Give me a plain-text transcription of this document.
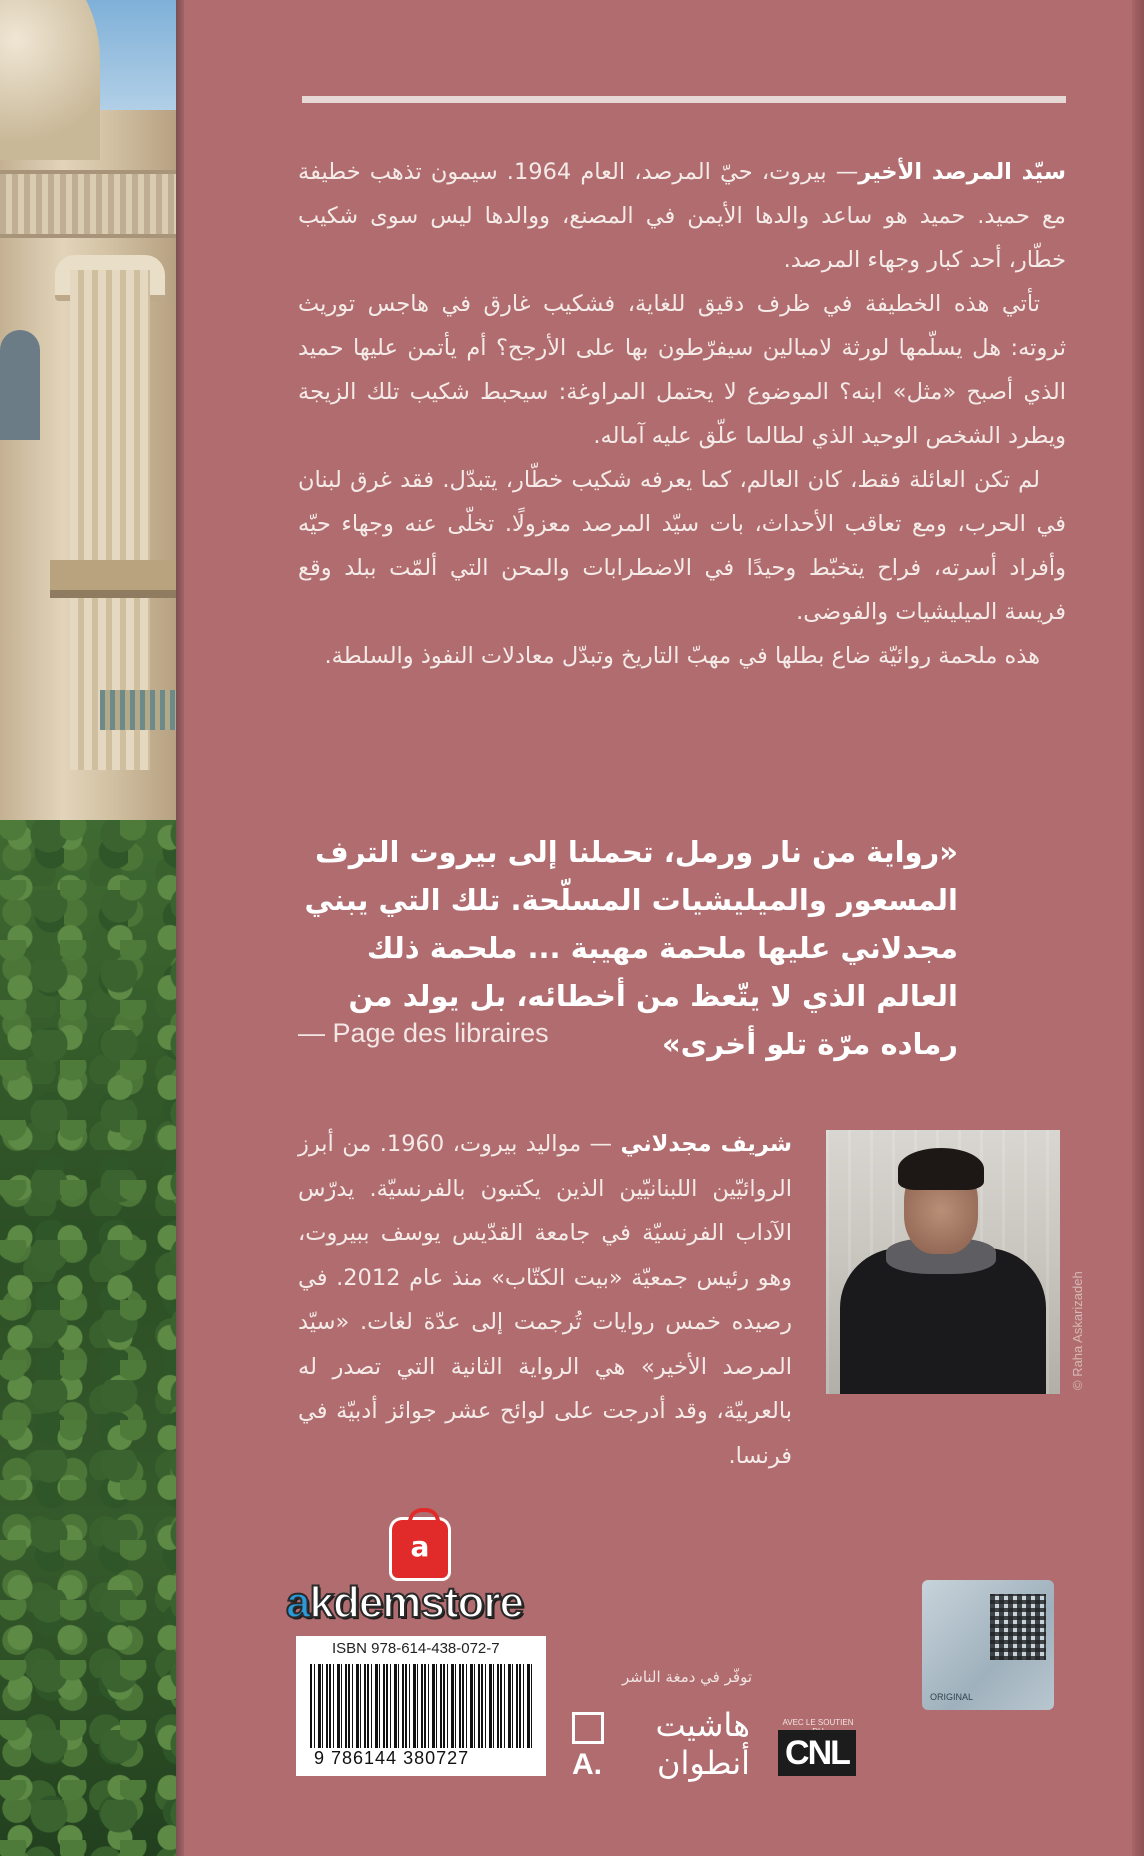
سيّد المرصد الأخير— بيروت، حيّ المرصد، العام 1964. سيمون تذهب خطيفة مع حميد. حميد هو ساعد والدها الأيمن في المصنع، ووالدها ليس سوى شكيب خطّار، أحد كبار وجهاء المرصد.

تأتي هذه الخطيفة في ظرف دقيق للغاية، فشكيب غارق في هاجس توريث ثروته: هل يسلّمها لورثة لامبالين سيفرّطون بها على الأرجح؟ أم يأتمن عليها حميد الذي أصبح «مثل» ابنه؟ الموضوع لا يحتمل المراوغة: سيحبط شكيب تلك الزيجة ويطرد الشخص الوحيد الذي لطالما علّق عليه آماله.

لم تكن العائلة فقط، كان العالم، كما يعرفه شكيب خطّار، يتبدّل. فقد غرق لبنان في الحرب، ومع تعاقب الأحداث، بات سيّد المرصد معزولًا. تخلّى عنه وجهاء حيّه وأفراد أسرته، فراح يتخبّط وحيدًا في الاضطرابات والمحن التي ألمّت ببلد وقع فريسة الميليشيات والفوضى.

هذه ملحمة روائيّة ضاع بطلها في مهبّ التاريخ وتبدّل معادلات النفوذ والسلطة.

«رواية من نار ورمل، تحملنا إلى بيروت الترف المسعور والميليشيات المسلّحة. تلك التي يبني مجدلاني عليها ملحمة مهيبة ... ملحمة ذلك العالم الذي لا يتّعظ من أخطائه، بل يولد من رماده مرّة تلو أخرى»
— Page des libraires
شريف مجدلاني — مواليد بيروت، 1960. من أبرز الروائيّين اللبنانيّين الذين يكتبون بالفرنسيّة. يدرّس الآداب الفرنسيّة في جامعة القدّيس يوسف ببيروت، وهو رئيس جمعيّة «بيت الكتّاب» منذ عام 2012. في رصيده خمس روايات تُرجمت إلى عدّة لغات. «سيّد المرصد الأخير» هي الرواية الثانية التي تصدر له بالعربيّة، وقد أدرجت على لوائح عشر جوائز أدبيّة في فرنسا.
© Raha Askarizadeh
a
akdemstore
ISBN 978-614-438-072-7
9 786144 380727
توفّر في دمغة الناشر
هاشيت
A. أنطوان
AVEC LE SOUTIEN
CNL
ORIGINAL
